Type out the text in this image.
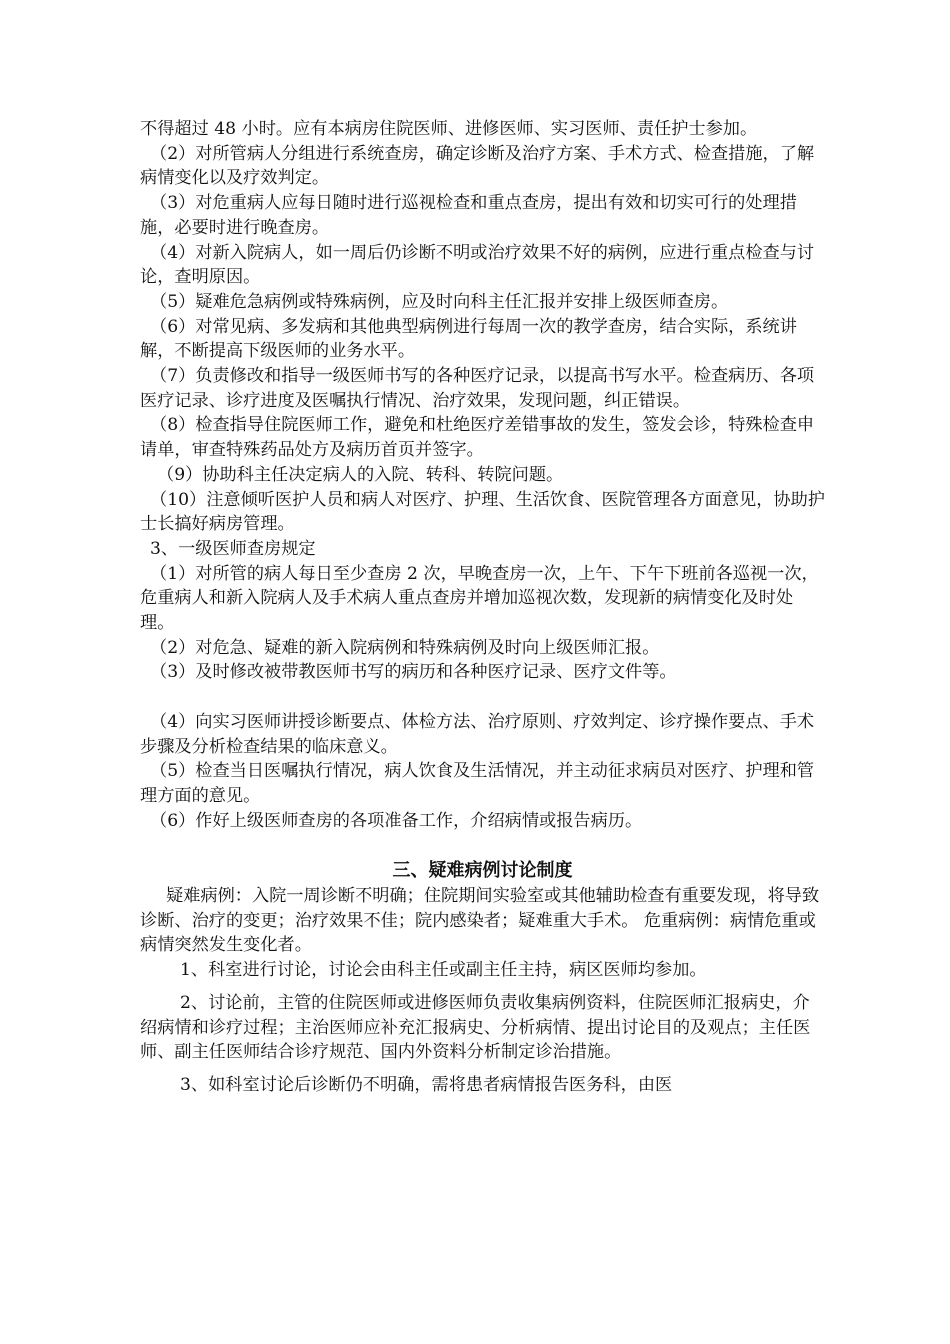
不得超过 48 小时。应有本病房住院医师、进修医师、实习医师、责任护士参加。

（2）对所管病人分组进行系统查房，确定诊断及治疗方案、手术方式、检查措施，了解病情变化以及疗效判定。

（3）对危重病人应每日随时进行巡视检查和重点查房，提出有效和切实可行的处理措施，必要时进行晚查房。

（4）对新入院病人，如一周后仍诊断不明或治疗效果不好的病例，应进行重点检查与讨论，查明原因。

（5）疑难危急病例或特殊病例，应及时向科主任汇报并安排上级医师查房。

（6）对常见病、多发病和其他典型病例进行每周一次的教学查房，结合实际，系统讲解，不断提高下级医师的业务水平。

（7）负责修改和指导一级医师书写的各种医疗记录，以提高书写水平。检查病历、各项医疗记录、诊疗进度及医嘱执行情况、治疗效果，发现问题，纠正错误。

（8）检查指导住院医师工作，避免和杜绝医疗差错事故的发生，签发会诊，特殊检查申请单，审查特殊药品处方及病历首页并签字。

（9）协助科主任决定病人的入院、转科、转院问题。

（10）注意倾听医护人员和病人对医疗、护理、生活饮食、医院管理各方面意见，协助护士长搞好病房管理。

3、一级医师查房规定

（1）对所管的病人每日至少查房 2 次，早晚查房一次，上午、下午下班前各巡视一次，危重病人和新入院病人及手术病人重点查房并增加巡视次数，发现新的病情变化及时处理。

（2）对危急、疑难的新入院病例和特殊病例及时向上级医师汇报。

（3）及时修改被带教医师书写的病历和各种医疗记录、医疗文件等。

（4）向实习医师讲授诊断要点、体检方法、治疗原则、疗效判定、诊疗操作要点、手术步骤及分析检查结果的临床意义。

（5）检查当日医嘱执行情况，病人饮食及生活情况，并主动征求病员对医疗、护理和管理方面的意见。

（6）作好上级医师查房的各项准备工作，介绍病情或报告病历。

三、疑难病例讨论制度

疑难病例：入院一周诊断不明确；住院期间实验室或其他辅助检查有重要发现，将导致诊断、治疗的变更；治疗效果不佳；院内感染者；疑难重大手术。 危重病例：病情危重或病情突然发生变化者。

1、科室进行讨论，讨论会由科主任或副主任主持，病区医师均参加。

2、讨论前，主管的住院医师或进修医师负责收集病例资料，住院医师汇报病史，介绍病情和诊疗过程；主治医师应补充汇报病史、分析病情、提出讨论目的及观点；主任医师、副主任医师结合诊疗规范、国内外资料分析制定诊治措施。

3、如科室讨论后诊断仍不明确，需将患者病情报告医务科，由医
